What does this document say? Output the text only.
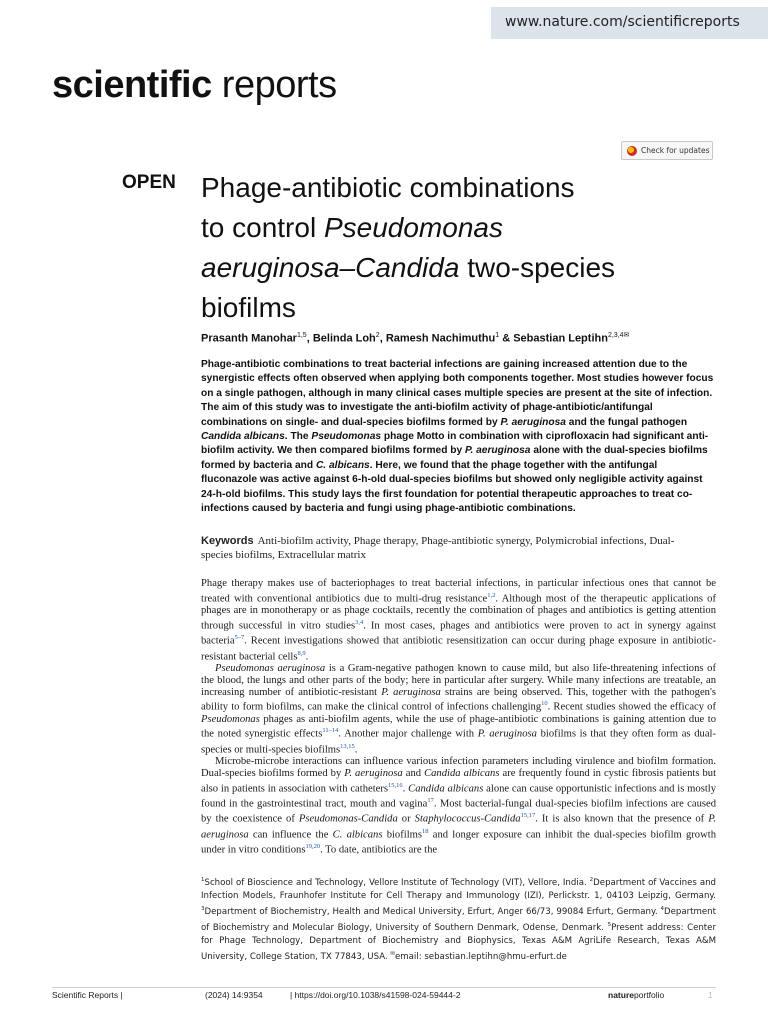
www.nature.com/scientificreports
scientific reports
Check for updates
OPEN Phage-antibiotic combinations
to control Pseudomonas
aeruginosa–Candida two-species
biofilms
Prasanth Manohar$^{1,5}$, Belinda Loh$^2$, Ramesh Nachimuthu$^1$ & Sebastian Leptihn$^{2,3,4✉}$
Phage-antibiotic combinations to treat bacterial infections are gaining increased attention due to the synergistic effects often observed when applying both components together. Most studies however focus on a single pathogen, although in many clinical cases multiple species are present at the site of infection. The aim of this study was to investigate the anti-biofilm activity of phage-antibiotic/antifungal combinations on single- and dual-species biofilms formed by P. aeruginosa and the fungal pathogen Candida albicans. The Pseudomonas phage Motto in combination with ciprofloxacin had significant anti-biofilm activity. We then compared biofilms formed by P. aeruginosa alone with the dual-species biofilms formed by bacteria and C. albicans. Here, we found that the phage together with the antifungal fluconazole was active against 6-h-old dual-species biofilms but showed only negligible activity against 24-h-old biofilms. This study lays the first foundation for potential therapeutic approaches to treat co-infections caused by bacteria and fungi using phage-antibiotic combinations.
Keywords Anti-biofilm activity, Phage therapy, Phage-antibiotic synergy, Polymicrobial infections, Dual-species biofilms, Extracellular matrix

Phage therapy makes use of bacteriophages to treat bacterial infections, in particular infectious ones that cannot be treated with conventional antibiotics due to multi-drug resistance$^{1,2}$. Although most of the therapeutic applications of phages are in monotherapy or as phage cocktails, recently the combination of phages and antibiotics is getting attention through successful in vitro studies$^{3,4}$. In most cases, phages and antibiotics were proven to act in synergy against bacteria$^{5-7}$. Recent investigations showed that antibiotic resensitization can occur during phage exposure in antibiotic-resistant bacterial cells$^{8,9}$.

Pseudomonas aeruginosa is a Gram-negative pathogen known to cause mild, but also life-threatening infections of the blood, the lungs and other parts of the body; here in particular after surgery. While many infections are treatable, an increasing number of antibiotic-resistant P. aeruginosa strains are being observed. This, together with the pathogen's ability to form biofilms, can make the clinical control of infections challenging$^{10}$. Recent studies showed the efficacy of Pseudomonas phages as anti-biofilm agents, while the use of phage-antibiotic combinations is gaining attention due to the noted synergistic effects$^{11-14}$. Another major challenge with P. aeruginosa biofilms is that they often form as dual-species or multi-species biofilms$^{13,15}$.

Microbe-microbe interactions can influence various infection parameters including virulence and biofilm formation. Dual-species biofilms formed by P. aeruginosa and Candida albicans are frequently found in cystic fibrosis patients but also in patients in association with catheters$^{15,16}$. Candida albicans alone can cause opportunistic infections and is mostly found in the gastrointestinal tract, mouth and vagina$^{17}$. Most bacterial-fungal dual-species biofilm infections are caused by the coexistence of Pseudomonas-Candida or Staphylococcus-Candida$^{15,17}$. It is also known that the presence of P. aeruginosa can influence the C. albicans biofilms$^{18}$ and longer exposure can inhibit the dual-species biofilm growth under in vitro conditions$^{19,20}$. To date, antibiotics are the

$^1$School of Bioscience and Technology, Vellore Institute of Technology (VIT), Vellore, India. $^2$Department of Vaccines and Infection Models, Fraunhofer Institute for Cell Therapy and Immunology (IZI), Perlickstr. 1, 04103 Leipzig, Germany. $^3$Department of Biochemistry, Health and Medical University, Erfurt, Anger 66/73, 99084 Erfurt, Germany. $^4$Department of Biochemistry and Molecular Biology, University of Southern Denmark, Odense, Denmark. $^5$Present address: Center for Phage Technology, Department of Biochemistry and Biophysics, Texas A&M AgriLife Research, Texas A&M University, College Station, TX 77843, USA. ✉email: sebastian.leptihn@hmu-erfurt.de
Scientific Reports |	(2024) 14:9354	| https://doi.org/10.1038/s41598-024-59444-2	natureportfolio	1
